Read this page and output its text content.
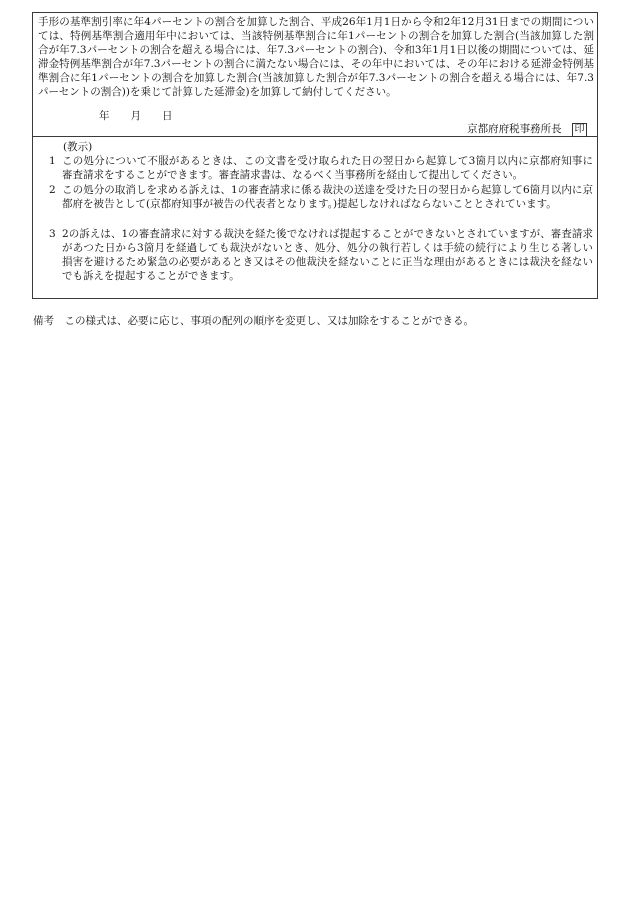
手形の基準割引率に年4パーセントの割合を加算した割合、平成26年1月1日から令和2年12月31日までの期間については、特例基準割合適用年中においては、当該特例基準割合に年1パーセントの割合を加算した割合(当該加算した割合が年7.3パーセントの割合を超える場合には、年7.3パーセントの割合)、令和3年1月1日以後の期間については、延滞金特例基準割合が年7.3パーセントの割合に満たない場合には、その年中においては、その年における延滞金特例基準割合に年1パーセントの割合を加算した割合(当該加算した割合が年7.3パーセントの割合を超える場合には、年7.3パーセントの割合))を乗じて計算した延滞金)を加算して納付してください。
年　　月　　日
京都府府税事務所長 印
(教示)
1 この処分について不服があるときは、この文書を受け取られた日の翌日から起算して3箇月以内に京都府知事に審査請求をすることができます。審査請求書は、なるべく当事務所を経由して提出してください。
2 この処分の取消しを求める訴えは、1の審査請求に係る裁決の送達を受けた日の翌日から起算して6箇月以内に京都府を被告として(京都府知事が被告の代表者となります。)提起しなければならないこととされています。
3 2の訴えは、1の審査請求に対する裁決を経た後でなければ提起することができないとされていますが、審査請求があつた日から3箇月を経過しても裁決がないとき、処分、処分の執行若しくは手続の続行により生じる著しい損害を避けるため緊急の必要があるとき又はその他裁決を経ないことに正当な理由があるときには裁決を経ないでも訴えを提起することができます。
備考　この様式は、必要に応じ、事項の配列の順序を変更し、又は加除をすることができる。
